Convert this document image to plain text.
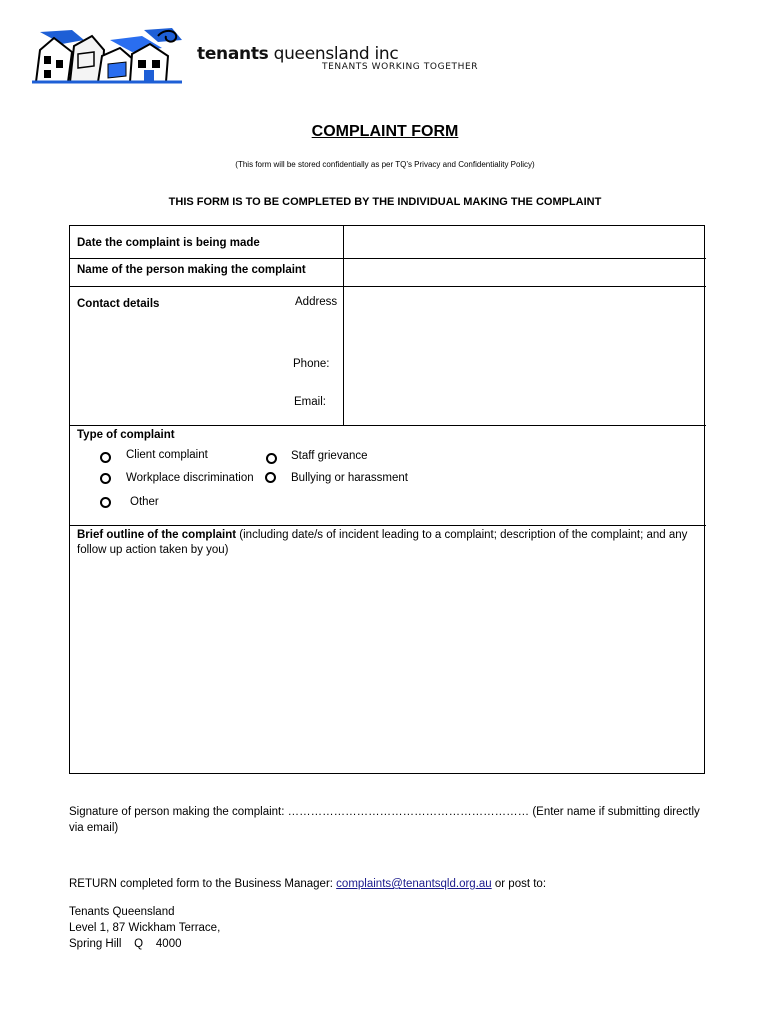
tenants queensland inc
TENANTS WORKING TOGETHER
COMPLAINT FORM
(This form will be stored confidentially as per TQ’s Privacy and Confidentiality Policy)
THIS FORM IS TO BE COMPLETED BY THE INDIVIDUAL MAKING THE COMPLAINT
Date the complaint is being made
Name of the person making the complaint
Contact details	Address
Phone:
Email:
Type of complaint
Client complaint	Staff grievance
Workplace discrimination	Bullying or harassment
Other
Brief outline of the complaint (including date/s of incident leading to a complaint; description of the complaint; and any follow up action taken by you)
Signature of person making the complaint: ……………………………………………………… (Enter name if submitting directly
via email)
RETURN completed form to the Business Manager: complaints@tenantsqld.org.au or post to:
Tenants Queensland
Level 1, 87 Wickham Terrace,
Spring Hill    Q    4000
